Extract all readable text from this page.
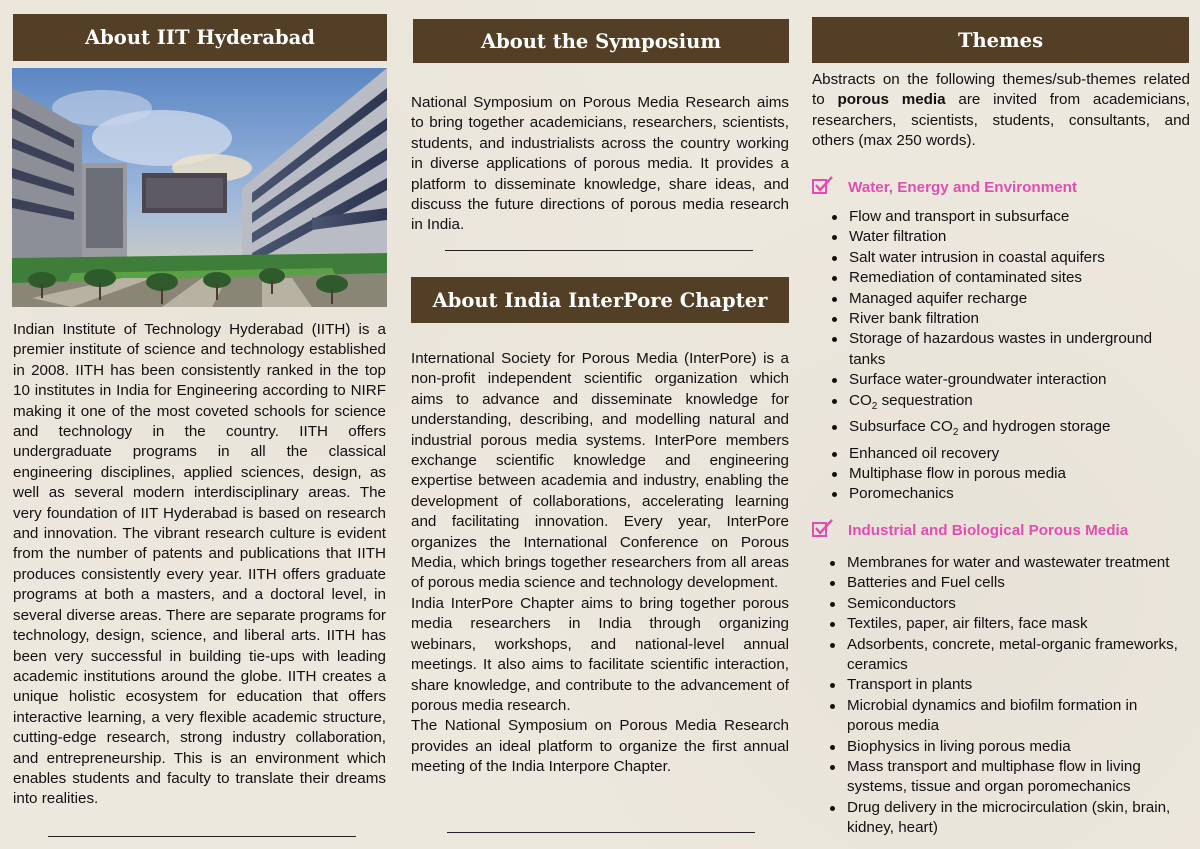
About IIT Hyderabad

Indian Institute of Technology Hyderabad (IITH) is a premier institute of science and technology established in 2008. IITH has been consistently ranked in the top 10 institutes in India for Engineering according to NIRF making it one of the most coveted schools for science and technology in the country. IITH offers undergraduate programs in all the classical engineering disciplines, applied sciences, design, as well as several modern interdisciplinary areas. The very foundation of IIT Hyderabad is based on research and innovation. The vibrant research culture is evident from the number of patents and publications that IITH produces consistently every year. IITH offers graduate programs at both a masters, and a doctoral level, in several diverse areas. There are separate programs for technology, design, science, and liberal arts. IITH has been very successful in building tie-ups with leading academic institutions around the globe. IITH creates a unique holistic ecosystem for education that offers interactive learning, a very flexible academic structure, cutting-edge research, strong industry collaboration, and entrepreneurship. This is an environment which enables students and faculty to translate their dreams into realities.

About the Symposium

National Symposium on Porous Media Research aims to bring together academicians, researchers, scientists, students, and industrialists across the country working in diverse applications of porous media. It provides a platform to disseminate knowledge, share ideas, and discuss the future directions of porous media research in India.

About India InterPore Chapter

International Society for Porous Media (InterPore) is a non-profit independent scientific organization which aims to advance and disseminate knowledge for understanding, describing, and modelling natural and industrial porous media systems. InterPore members exchange scientific knowledge and engineering expertise between academia and industry, enabling the development of collaborations, accelerating learning and facilitating innovation. Every year, InterPore organizes the International Conference on Porous Media, which brings together researchers from all areas of porous media science and technology development.

India InterPore Chapter aims to bring together porous media researchers in India through organizing webinars, workshops, and national-level annual meetings. It also aims to facilitate scientific interaction, share knowledge, and contribute to the advancement of porous media research.

The National Symposium on Porous Media Research provides an ideal platform to organize the first annual meeting of the India Interpore Chapter.

Themes
Abstracts on the following themes/sub-themes related to porous media are invited from academicians, researchers, scientists, students, consultants, and others (max 250 words).
Water, Energy and Environment
Flow and transport in subsurface
Water filtration
Salt water intrusion in coastal aquifers
Remediation of contaminated sites
Managed aquifer recharge
River bank filtration
Storage of hazardous wastes in underground tanks
Surface water-groundwater interaction
$CO_2$ sequestration
Subsurface $CO_2$ and hydrogen storage
Enhanced oil recovery
Multiphase flow in porous media
Poromechanics
Industrial and Biological Porous Media
Membranes for water and wastewater treatment
Batteries and Fuel cells
Semiconductors
Textiles, paper, air filters, face mask
Adsorbents, concrete, metal-organic frameworks, ceramics
Transport in plants
Microbial dynamics and biofilm formation in porous media
Biophysics in living porous media
Mass transport and multiphase flow in living systems, tissue and organ poromechanics
Drug delivery in the microcirculation (skin, brain, kidney, heart)
